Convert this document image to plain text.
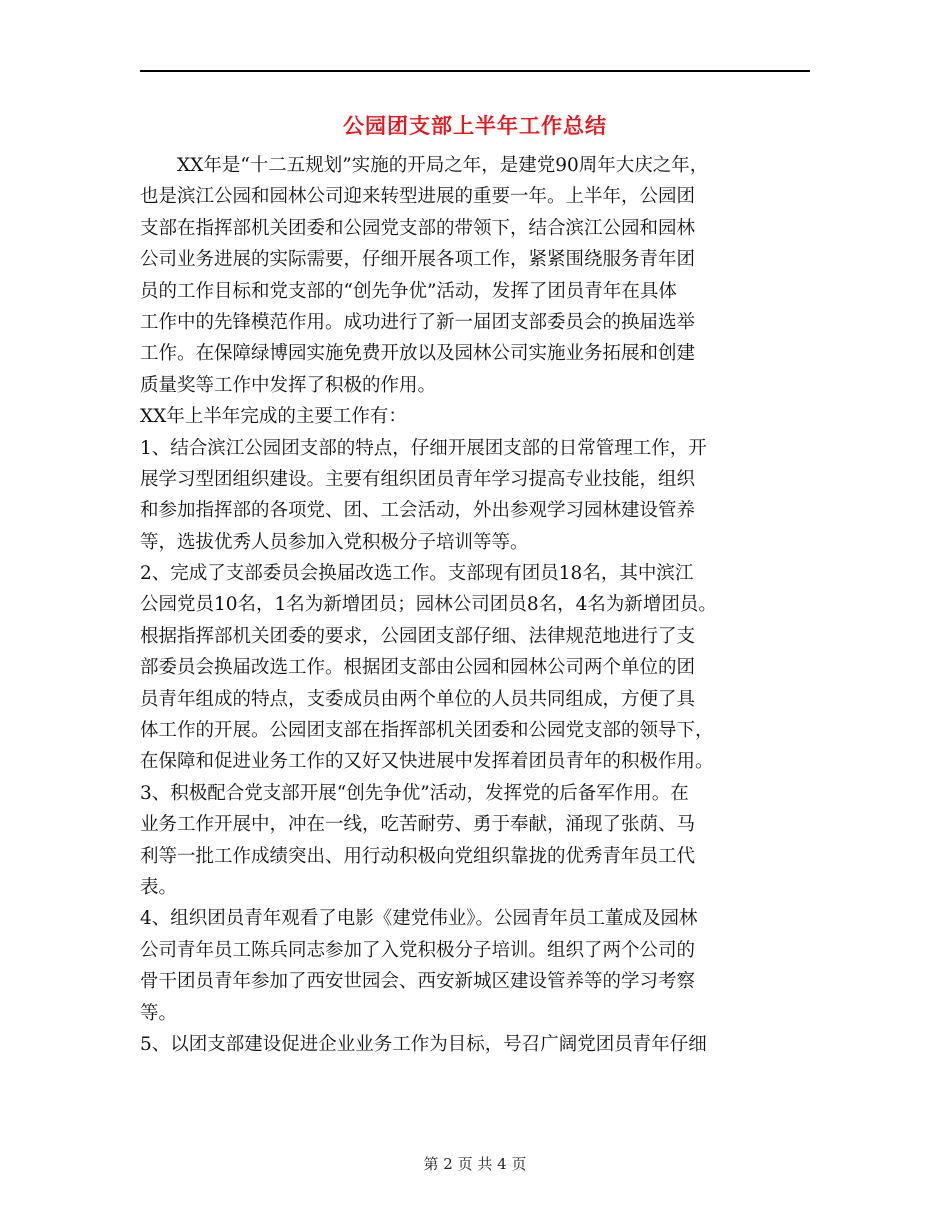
公园团支部上半年工作总结
　　XX年是“十二五规划”实施的开局之年，是建党90周年大庆之年，
也是滨江公园和园林公司迎来转型进展的重要一年。上半年，公园团
支部在指挥部机关团委和公园党支部的带领下，结合滨江公园和园林
公司业务进展的实际需要，仔细开展各项工作，紧紧围绕服务青年团
员的工作目标和党支部的“创先争优”活动，发挥了团员青年在具体
工作中的先锋模范作用。成功进行了新一届团支部委员会的换届选举
工作。在保障绿博园实施免费开放以及园林公司实施业务拓展和创建
质量奖等工作中发挥了积极的作用。
XX年上半年完成的主要工作有：
1、结合滨江公园团支部的特点，仔细开展团支部的日常管理工作，开
展学习型团组织建设。主要有组织团员青年学习提高专业技能，组织
和参加指挥部的各项党、团、工会活动，外出参观学习园林建设管养
等，选拔优秀人员参加入党积极分子培训等等。
2、完成了支部委员会换届改选工作。支部现有团员18名，其中滨江
公园党员10名，1名为新增团员；园林公司团员8名，4名为新增团员。
根据指挥部机关团委的要求，公园团支部仔细、法律规范地进行了支
部委员会换届改选工作。根据团支部由公园和园林公司两个单位的团
员青年组成的特点，支委成员由两个单位的人员共同组成，方便了具
体工作的开展。公园团支部在指挥部机关团委和公园党支部的领导下，
在保障和促进业务工作的又好又快进展中发挥着团员青年的积极作用。
3、积极配合党支部开展“创先争优”活动，发挥党的后备军作用。在
业务工作开展中，冲在一线，吃苦耐劳、勇于奉献，涌现了张荫、马
利等一批工作成绩突出、用行动积极向党组织靠拢的优秀青年员工代
表。
4、组织团员青年观看了电影《建党伟业》。公园青年员工董成及园林
公司青年员工陈兵同志参加了入党积极分子培训。组织了两个公司的
骨干团员青年参加了西安世园会、西安新城区建设管养等的学习考察
等。
5、以团支部建设促进企业业务工作为目标，号召广阔党团员青年仔细
第 2 页 共 4 页
